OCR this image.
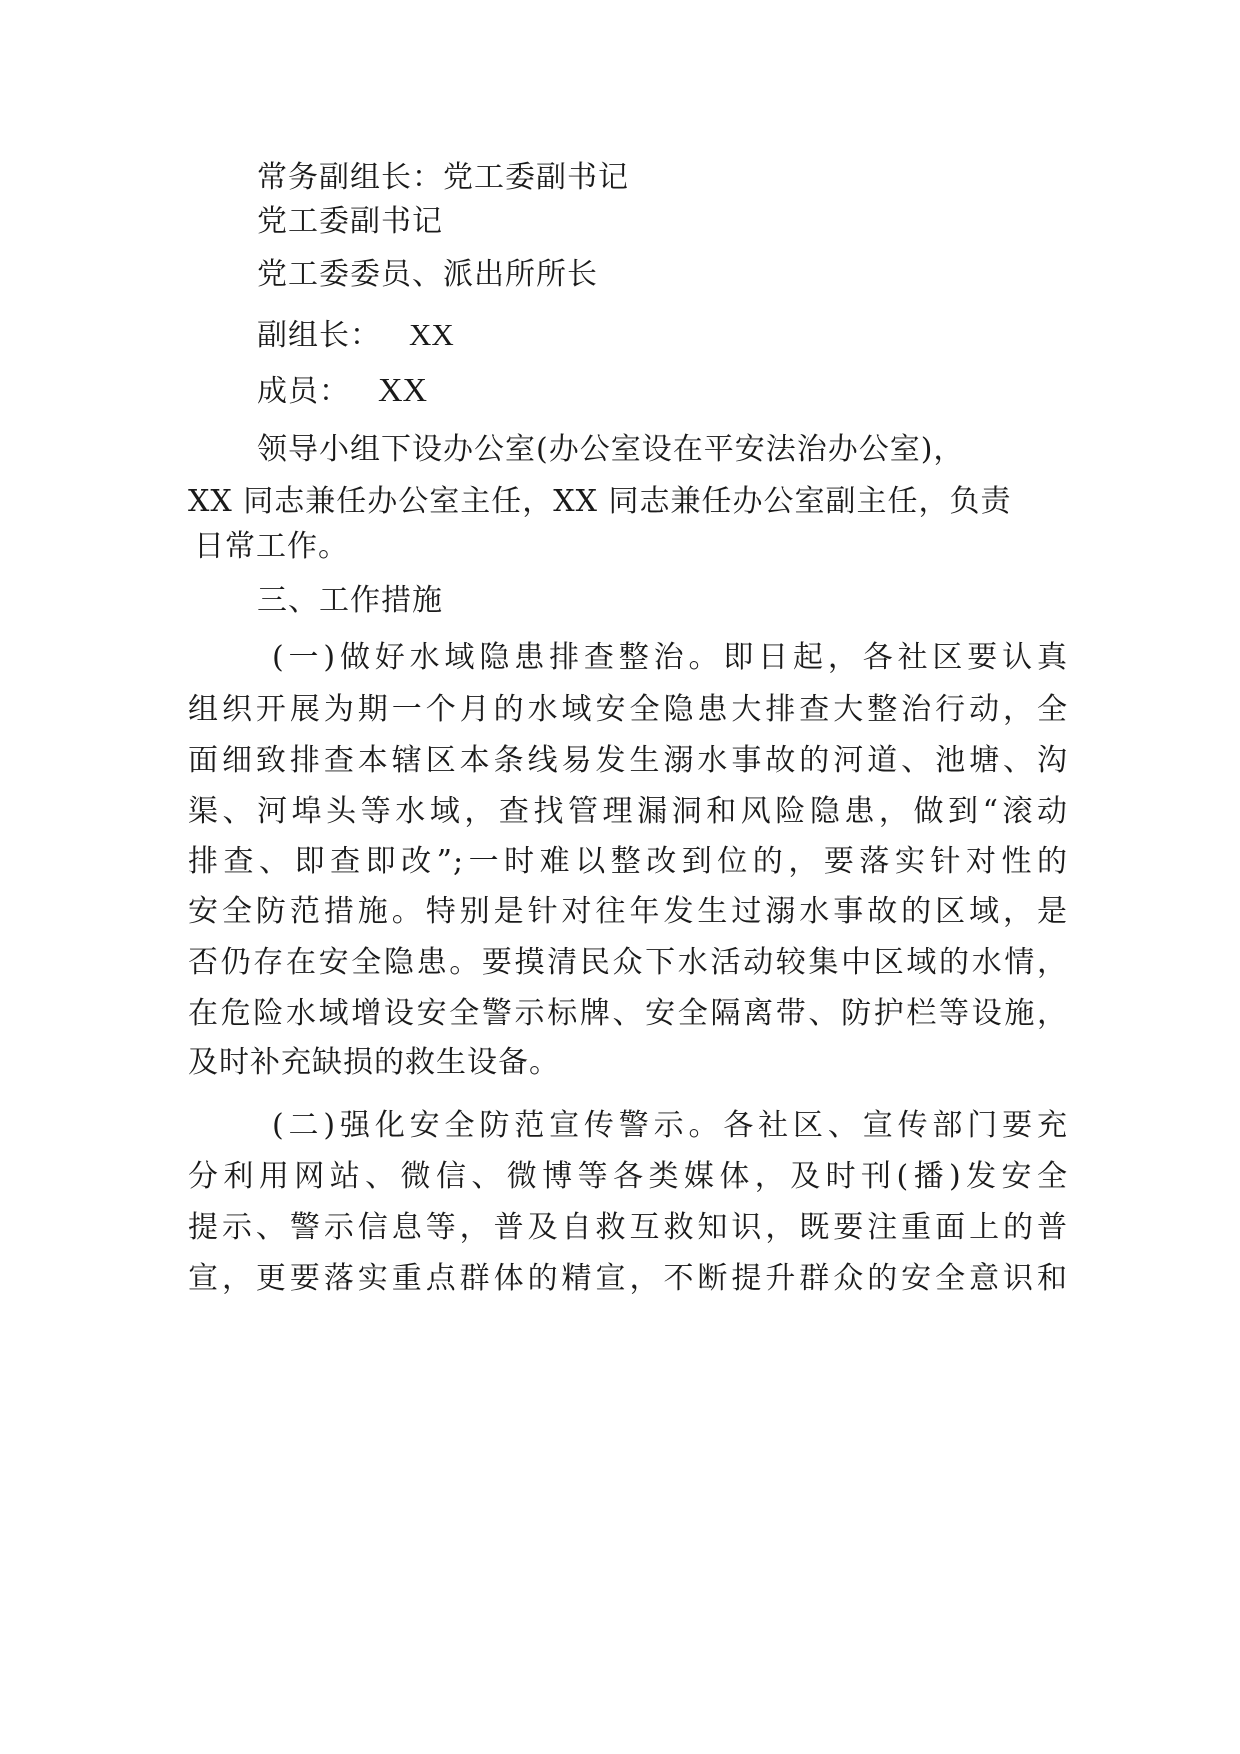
常务副组长：党工委副书记
党工委副书记
党工委委员、派出所所长
副组长： XX
成员： XX
领导小组下设办公室(办公室设在平安法治办公室)，
XX 同志兼任办公室主任，XX 同志兼任办公室副主任，负责
日常工作。
三、工作措施
(一)做好水域隐患排查整治。即日起，各社区要认真
组织开展为期一个月的水域安全隐患大排查大整治行动，全
面细致排查本辖区本条线易发生溺水事故的河道、池塘、沟
渠、河埠头等水域，查找管理漏洞和风险隐患，做到“滚动
排查、即查即改”;一时难以整改到位的，要落实针对性的
安全防范措施。特别是针对往年发生过溺水事故的区域，是
否仍存在安全隐患。要摸清民众下水活动较集中区域的水情，
在危险水域增设安全警示标牌、安全隔离带、防护栏等设施，
及时补充缺损的救生设备。
(二)强化安全防范宣传警示。各社区、宣传部门要充
分利用网站、微信、微博等各类媒体，及时刊(播)发安全
提示、警示信息等，普及自救互救知识，既要注重面上的普
宣，更要落实重点群体的精宣，不断提升群众的安全意识和
